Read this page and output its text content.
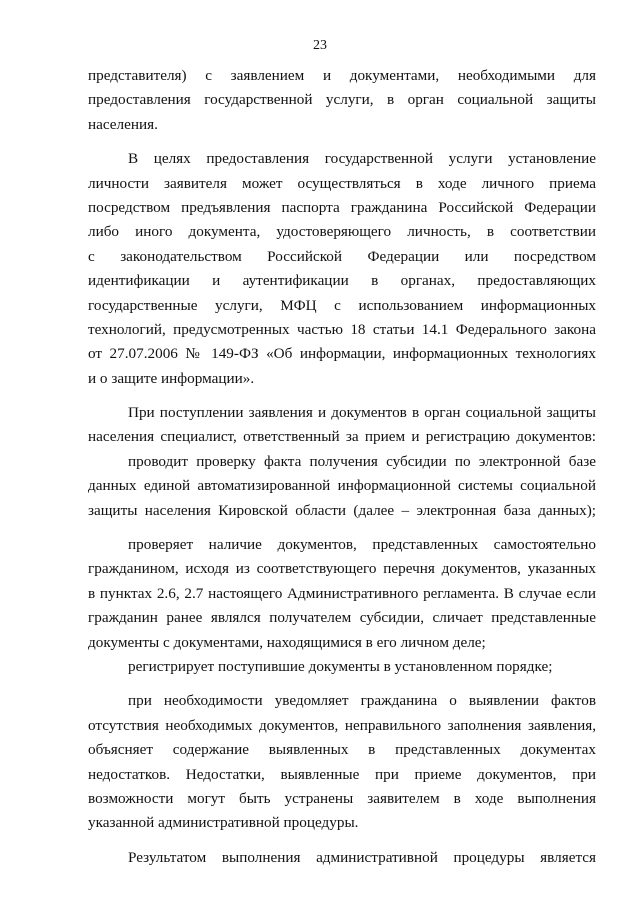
23
представителя) с заявлением и документами, необходимыми для
предоставления государственной услуги, в орган социальной защиты
населения.
В целях предоставления государственной услуги установление
личности заявителя может осуществляться в ходе личного приема
посредством предъявления паспорта гражданина Российской Федерации
либо иного документа, удостоверяющего личность, в соответствии
с законодательством Российской Федерации или посредством
идентификации и аутентификации в органах, предоставляющих
государственные услуги, МФЦ с использованием информационных
технологий, предусмотренных частью 18 статьи 14.1 Федерального закона
от 27.07.2006 № 149-ФЗ «Об информации, информационных технологиях
и о защите информации».
При поступлении заявления и документов в орган социальной защиты
населения специалист, ответственный за прием и регистрацию документов:
проводит проверку факта получения субсидии по электронной базе
данных единой автоматизированной информационной системы социальной
защиты населения Кировской области (далее – электронная база данных);
проверяет наличие документов, представленных самостоятельно
гражданином, исходя из соответствующего перечня документов, указанных
в пунктах 2.6, 2.7 настоящего Административного регламента. В случае если
гражданин ранее являлся получателем субсидии, сличает представленные
документы с документами, находящимися в его личном деле;
регистрирует поступившие документы в установленном порядке;
при необходимости уведомляет гражданина о выявлении фактов
отсутствия необходимых документов, неправильного заполнения заявления,
объясняет содержание выявленных в представленных документах
недостатков. Недостатки, выявленные при приеме документов, при
возможности могут быть устранены заявителем в ходе выполнения
указанной административной процедуры.
Результатом выполнения административной процедуры является
